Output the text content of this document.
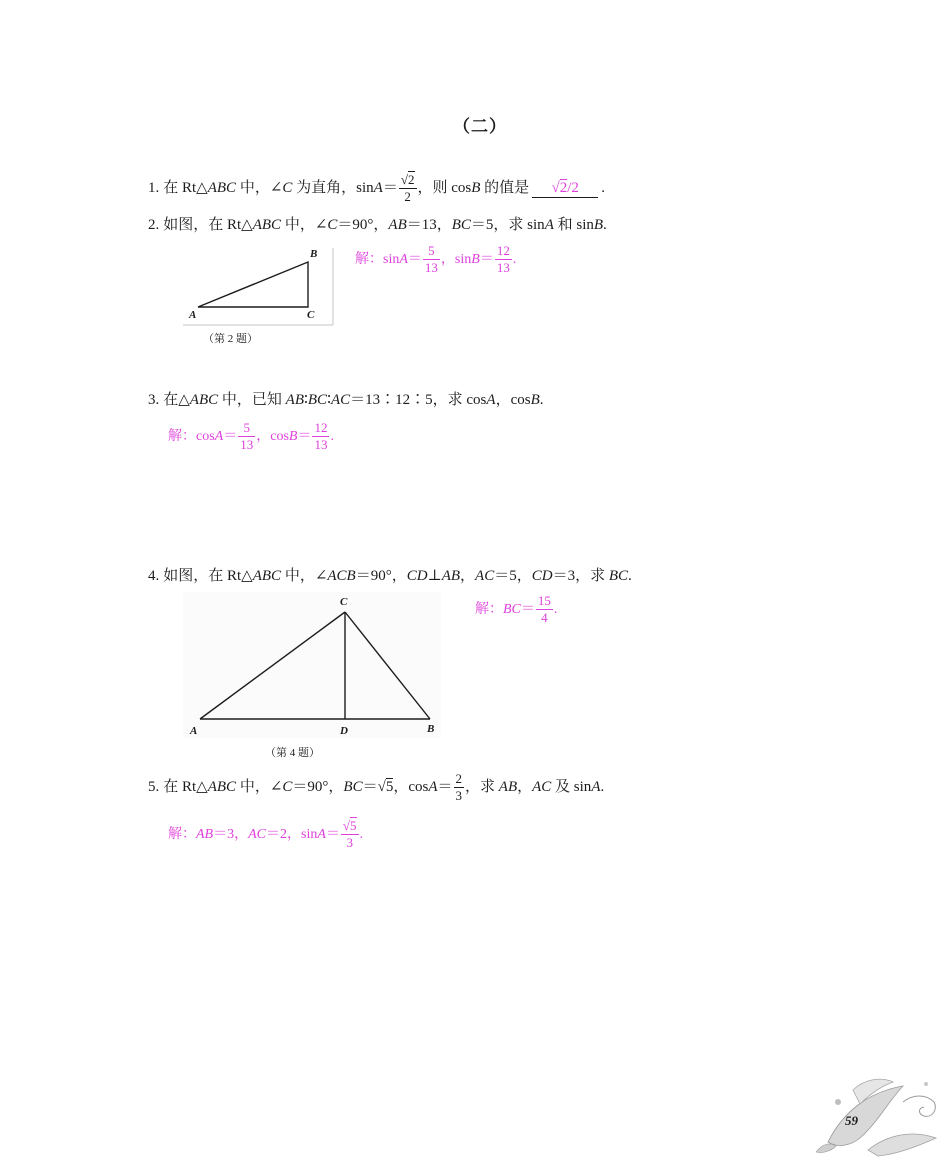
（二）
1. 在 Rt△ABC 中，∠C 为直角，$\sin A= \frac{√2}{2}$ ，则 cosB 的值是 √2/2 .
2. 如图，在 Rt△ABC 中，∠C＝90°，AB＝13，BC＝5，求 sinA 和 sinB.
B
A	C
（第 2 题）
解：$\sin A= \frac{5}{13}$ ，$\sin B= \frac{12}{13}$ .
3. 在△ABC 中，已知 AB∶BC∶AC＝13∶12∶5，求 cosA，cosB.
解：$\cos A= \frac{5}{13}$ ，$\cos B= \frac{12}{13}$ .
4. 如图，在 Rt△ABC 中，∠ACB＝90°，CD⊥AB，AC＝5，CD＝3，求 BC.
C
A	D	B
（第 4 题）
解：$BC= \frac{15}{4}$ .
5. 在 Rt△ABC 中，∠C＝90°，BC＝√5，$\cos A= \frac{2}{3}$ ，求 AB，AC 及 sinA.
解：AB＝3，AC＝2，$\sin A= \frac{√5}{3}$ .
59
